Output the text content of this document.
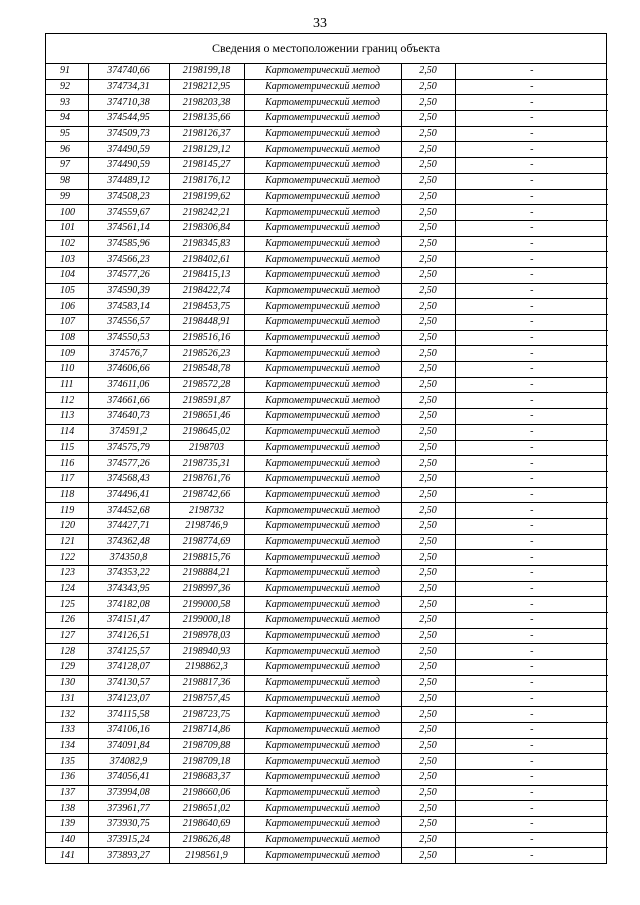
33
Сведения о местоположении границ объекта
91	374740,66	2198199,18	Картометрический метод	2,50	-
92	374734,31	2198212,95	Картометрический метод	2,50	-
93	374710,38	2198203,38	Картометрический метод	2,50	-
94	374544,95	2198135,66	Картометрический метод	2,50	-
95	374509,73	2198126,37	Картометрический метод	2,50	-
96	374490,59	2198129,12	Картометрический метод	2,50	-
97	374490,59	2198145,27	Картометрический метод	2,50	-
98	374489,12	2198176,12	Картометрический метод	2,50	-
99	374508,23	2198199,62	Картометрический метод	2,50	-
100	374559,67	2198242,21	Картометрический метод	2,50	-
101	374561,14	2198306,84	Картометрический метод	2,50	-
102	374585,96	2198345,83	Картометрический метод	2,50	-
103	374566,23	2198402,61	Картометрический метод	2,50	-
104	374577,26	2198415,13	Картометрический метод	2,50	-
105	374590,39	2198422,74	Картометрический метод	2,50	-
106	374583,14	2198453,75	Картометрический метод	2,50	-
107	374556,57	2198448,91	Картометрический метод	2,50	-
108	374550,53	2198516,16	Картометрический метод	2,50	-
109	374576,7	2198526,23	Картометрический метод	2,50	-
110	374606,66	2198548,78	Картометрический метод	2,50	-
111	374611,06	2198572,28	Картометрический метод	2,50	-
112	374661,66	2198591,87	Картометрический метод	2,50	-
113	374640,73	2198651,46	Картометрический метод	2,50	-
114	374591,2	2198645,02	Картометрический метод	2,50	-
115	374575,79	2198703	Картометрический метод	2,50	-
116	374577,26	2198735,31	Картометрический метод	2,50	-
117	374568,43	2198761,76	Картометрический метод	2,50	-
118	374496,41	2198742,66	Картометрический метод	2,50	-
119	374452,68	2198732	Картометрический метод	2,50	-
120	374427,71	2198746,9	Картометрический метод	2,50	-
121	374362,48	2198774,69	Картометрический метод	2,50	-
122	374350,8	2198815,76	Картометрический метод	2,50	-
123	374353,22	2198884,21	Картометрический метод	2,50	-
124	374343,95	2198997,36	Картометрический метод	2,50	-
125	374182,08	2199000,58	Картометрический метод	2,50	-
126	374151,47	2199000,18	Картометрический метод	2,50	-
127	374126,51	2198978,03	Картометрический метод	2,50	-
128	374125,57	2198940,93	Картометрический метод	2,50	-
129	374128,07	2198862,3	Картометрический метод	2,50	-
130	374130,57	2198817,36	Картометрический метод	2,50	-
131	374123,07	2198757,45	Картометрический метод	2,50	-
132	374115,58	2198723,75	Картометрический метод	2,50	-
133	374106,16	2198714,86	Картометрический метод	2,50	-
134	374091,84	2198709,88	Картометрический метод	2,50	-
135	374082,9	2198709,18	Картометрический метод	2,50	-
136	374056,41	2198683,37	Картометрический метод	2,50	-
137	373994,08	2198660,06	Картометрический метод	2,50	-
138	373961,77	2198651,02	Картометрический метод	2,50	-
139	373930,75	2198640,69	Картометрический метод	2,50	-
140	373915,24	2198626,48	Картометрический метод	2,50	-
141	373893,27	2198561,9	Картометрический метод	2,50	-
